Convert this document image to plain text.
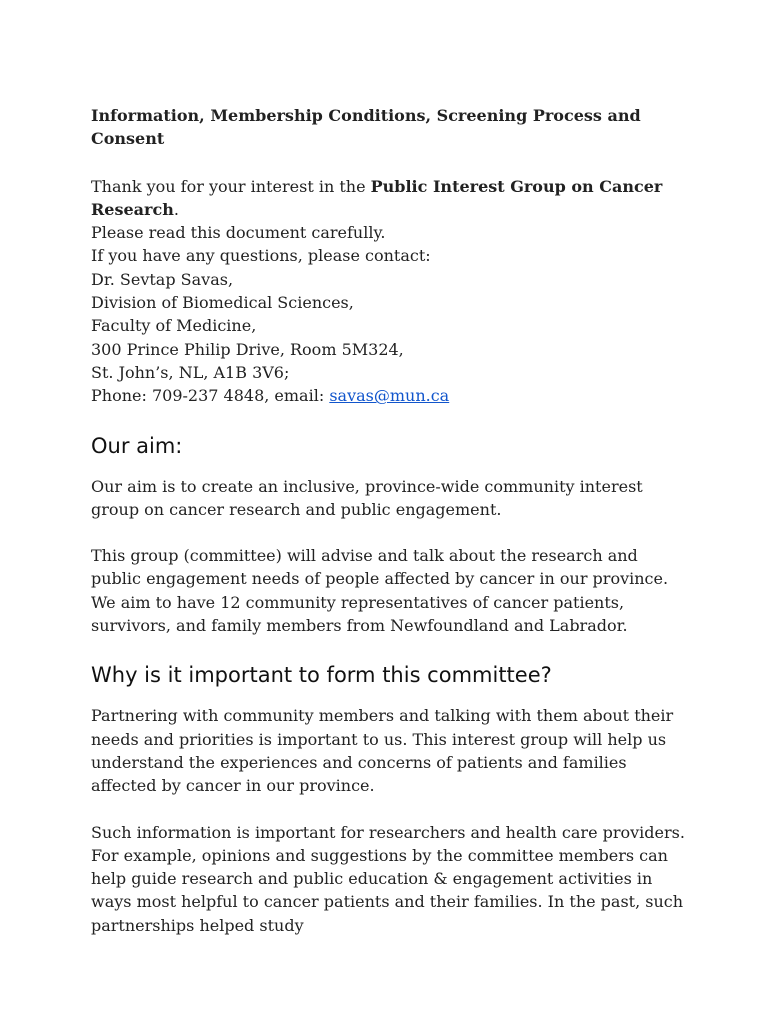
Information, Membership Conditions, Screening Process and Consent

Thank you for your interest in the Public Interest Group on Cancer Research.

Please read this document carefully.

If you have any questions, please contact:

Dr. Sevtap Savas,

Division of Biomedical Sciences,

Faculty of Medicine,

300 Prince Philip Drive, Room 5M324,

St. John’s, NL, A1B 3V6;

Phone: 709-237 4848, email: savas@mun.ca

Our aim:

Our aim is to create an inclusive, province-wide community interest group on cancer research and public engagement.

This group (committee) will advise and talk about the research and public engagement needs of people affected by cancer in our province.

We aim to have 12 community representatives of cancer patients, survivors, and family members from Newfoundland and Labrador.

Why is it important to form this committee?

Partnering with community members and talking with them about their needs and priorities is important to us. This interest group will help us understand the experiences and concerns of patients and families affected by cancer in our province.

Such information is important for researchers and health care providers. For example, opinions and suggestions by the committee members can help guide research and public education & engagement activities in ways most helpful to cancer patients and their families. In the past, such partnerships helped study
